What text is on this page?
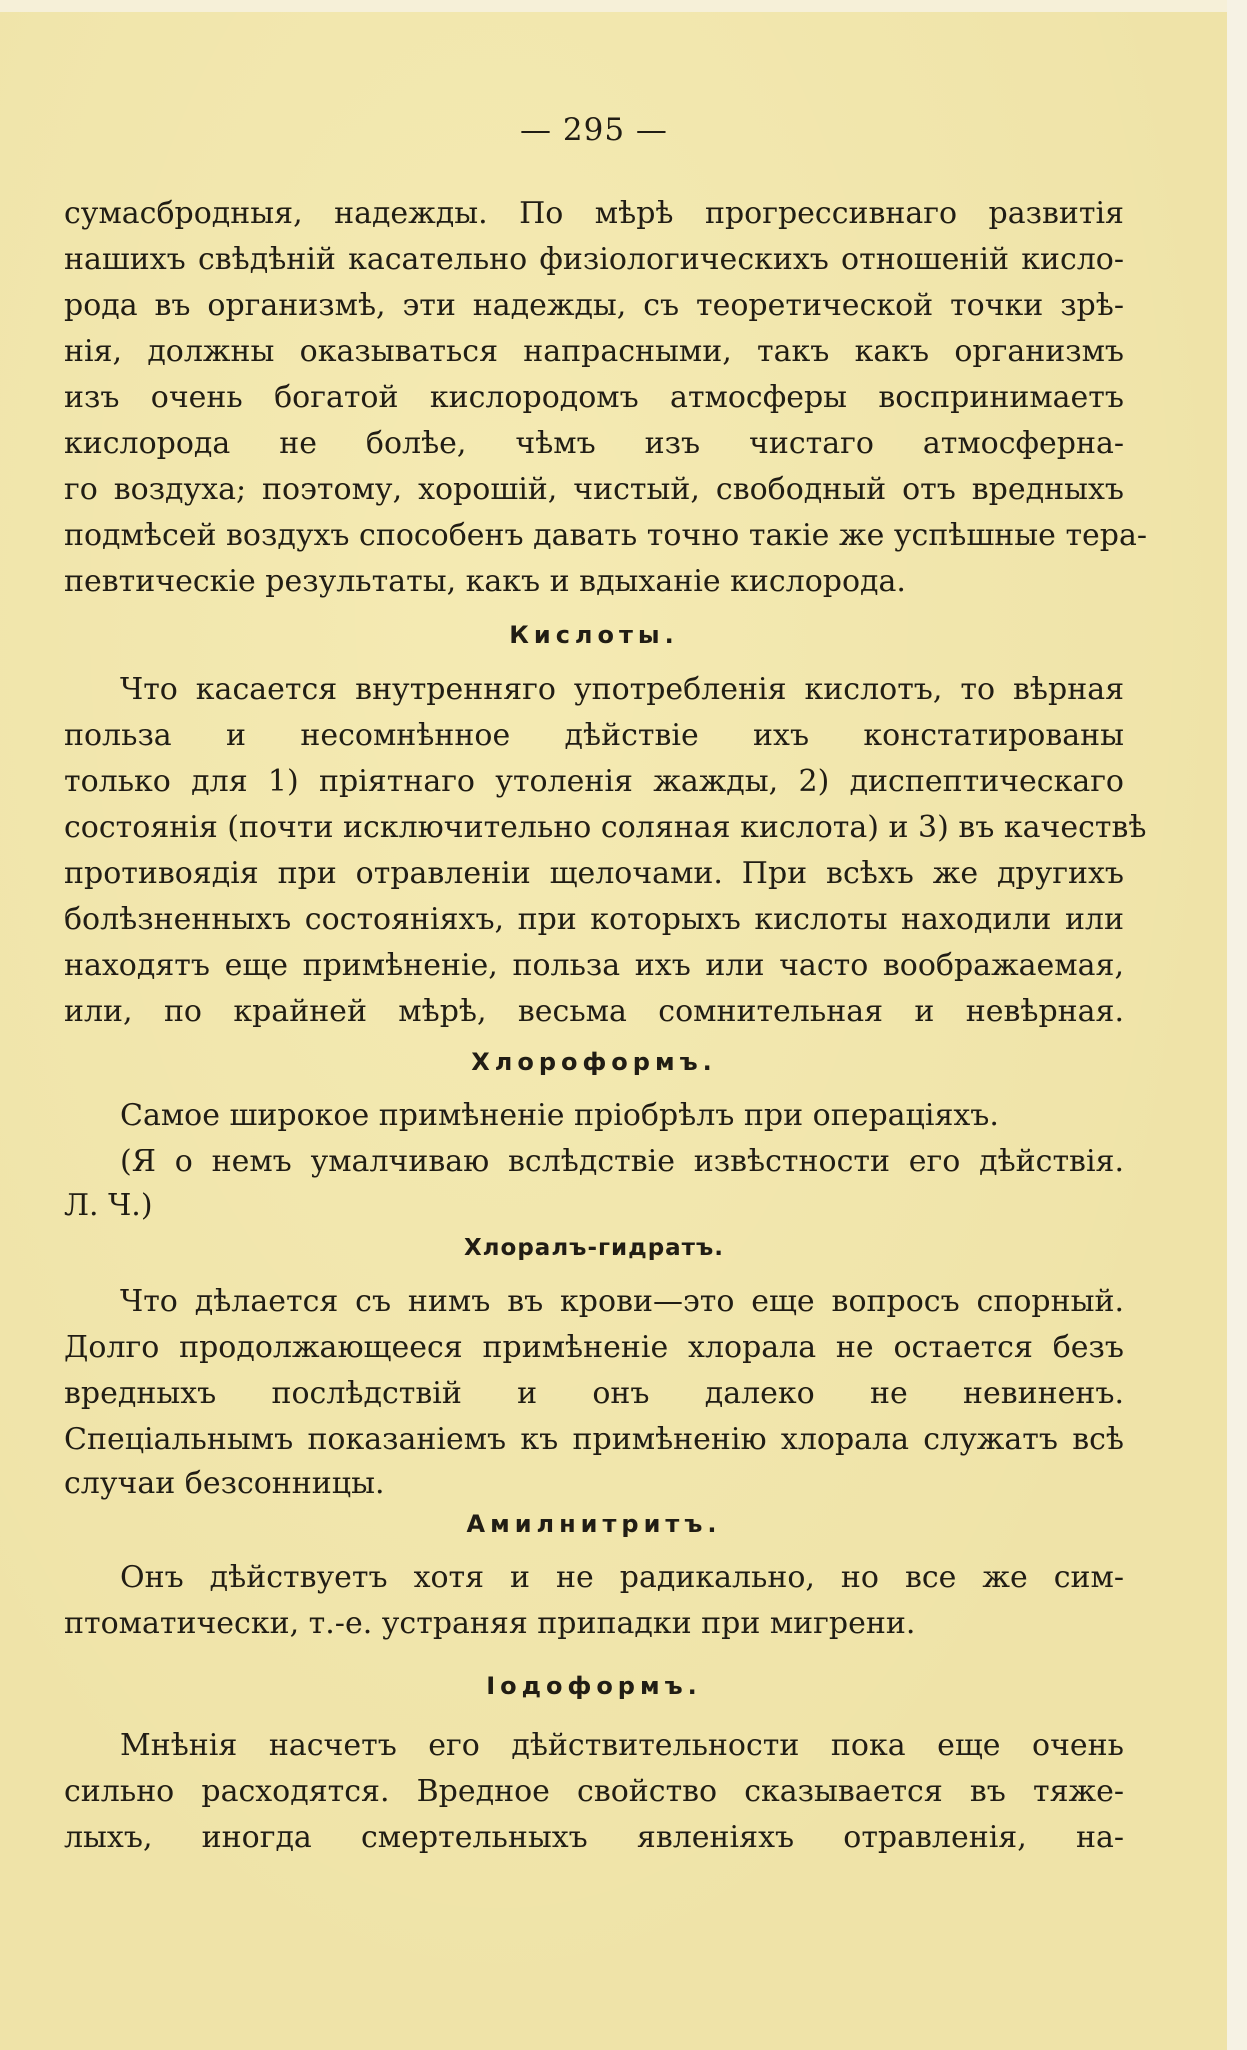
— 295 —
сумасбродныя, надежды. По мѣрѣ прогрессивнаго развитія
нашихъ свѣдѣній касательно физіологическихъ отношеній кисло-
рода въ организмѣ, эти надежды, съ теоретической точки зрѣ-
нія, должны оказываться напрасными, такъ какъ организмъ
изъ очень богатой кислородомъ атмосферы воспринимаетъ
кислорода не болѣе, чѣмъ изъ чистаго атмосферна-
го воздуха; поэтому, хорошій, чистый, свободный отъ вредныхъ
подмѣсей воздухъ способенъ давать точно такіе же успѣшные тера-
певтическіе результаты, какъ и вдыханіе кислорода.
Кислоты.
Что касается внутренняго употребленія кислотъ, то вѣрная
польза и несомнѣнное дѣйствіе ихъ констатированы
только для 1) пріятнаго утоленія жажды, 2) диспептическаго
состоянія (почти исключительно соляная кислота) и 3) въ качествѣ
противоядія при отравленіи щелочами. При всѣхъ же другихъ
болѣзненныхъ состояніяхъ, при которыхъ кислоты находили или
находятъ еще примѣненіе, польза ихъ или часто воображаемая,
или, по крайней мѣрѣ, весьма сомнительная и невѣрная.
Хлороформъ.
Самое широкое примѣненіе пріобрѣлъ при операціяхъ.
(Я о немъ умалчиваю вслѣдствіе извѣстности его дѣйствія.
Л. Ч.)
Хлоралъ-гидратъ.
Что дѣлается съ нимъ въ крови—это еще вопросъ спорный.
Долго продолжающееся примѣненіе хлорала не остается безъ
вредныхъ послѣдствій и онъ далеко не невиненъ.
Спеціальнымъ показаніемъ къ примѣненію хлорала служатъ всѣ
случаи безсонницы.
Амилнитритъ.
Онъ дѣйствуетъ хотя и не радикально, но все же сим-
птоматически, т.-е. устраняя припадки при мигрени.
Іодоформъ.
Мнѣнія насчетъ его дѣйствительности пока еще очень
сильно расходятся. Вредное свойство сказывается въ тяже-
лыхъ, иногда смертельныхъ явленіяхъ отравленія, на-
